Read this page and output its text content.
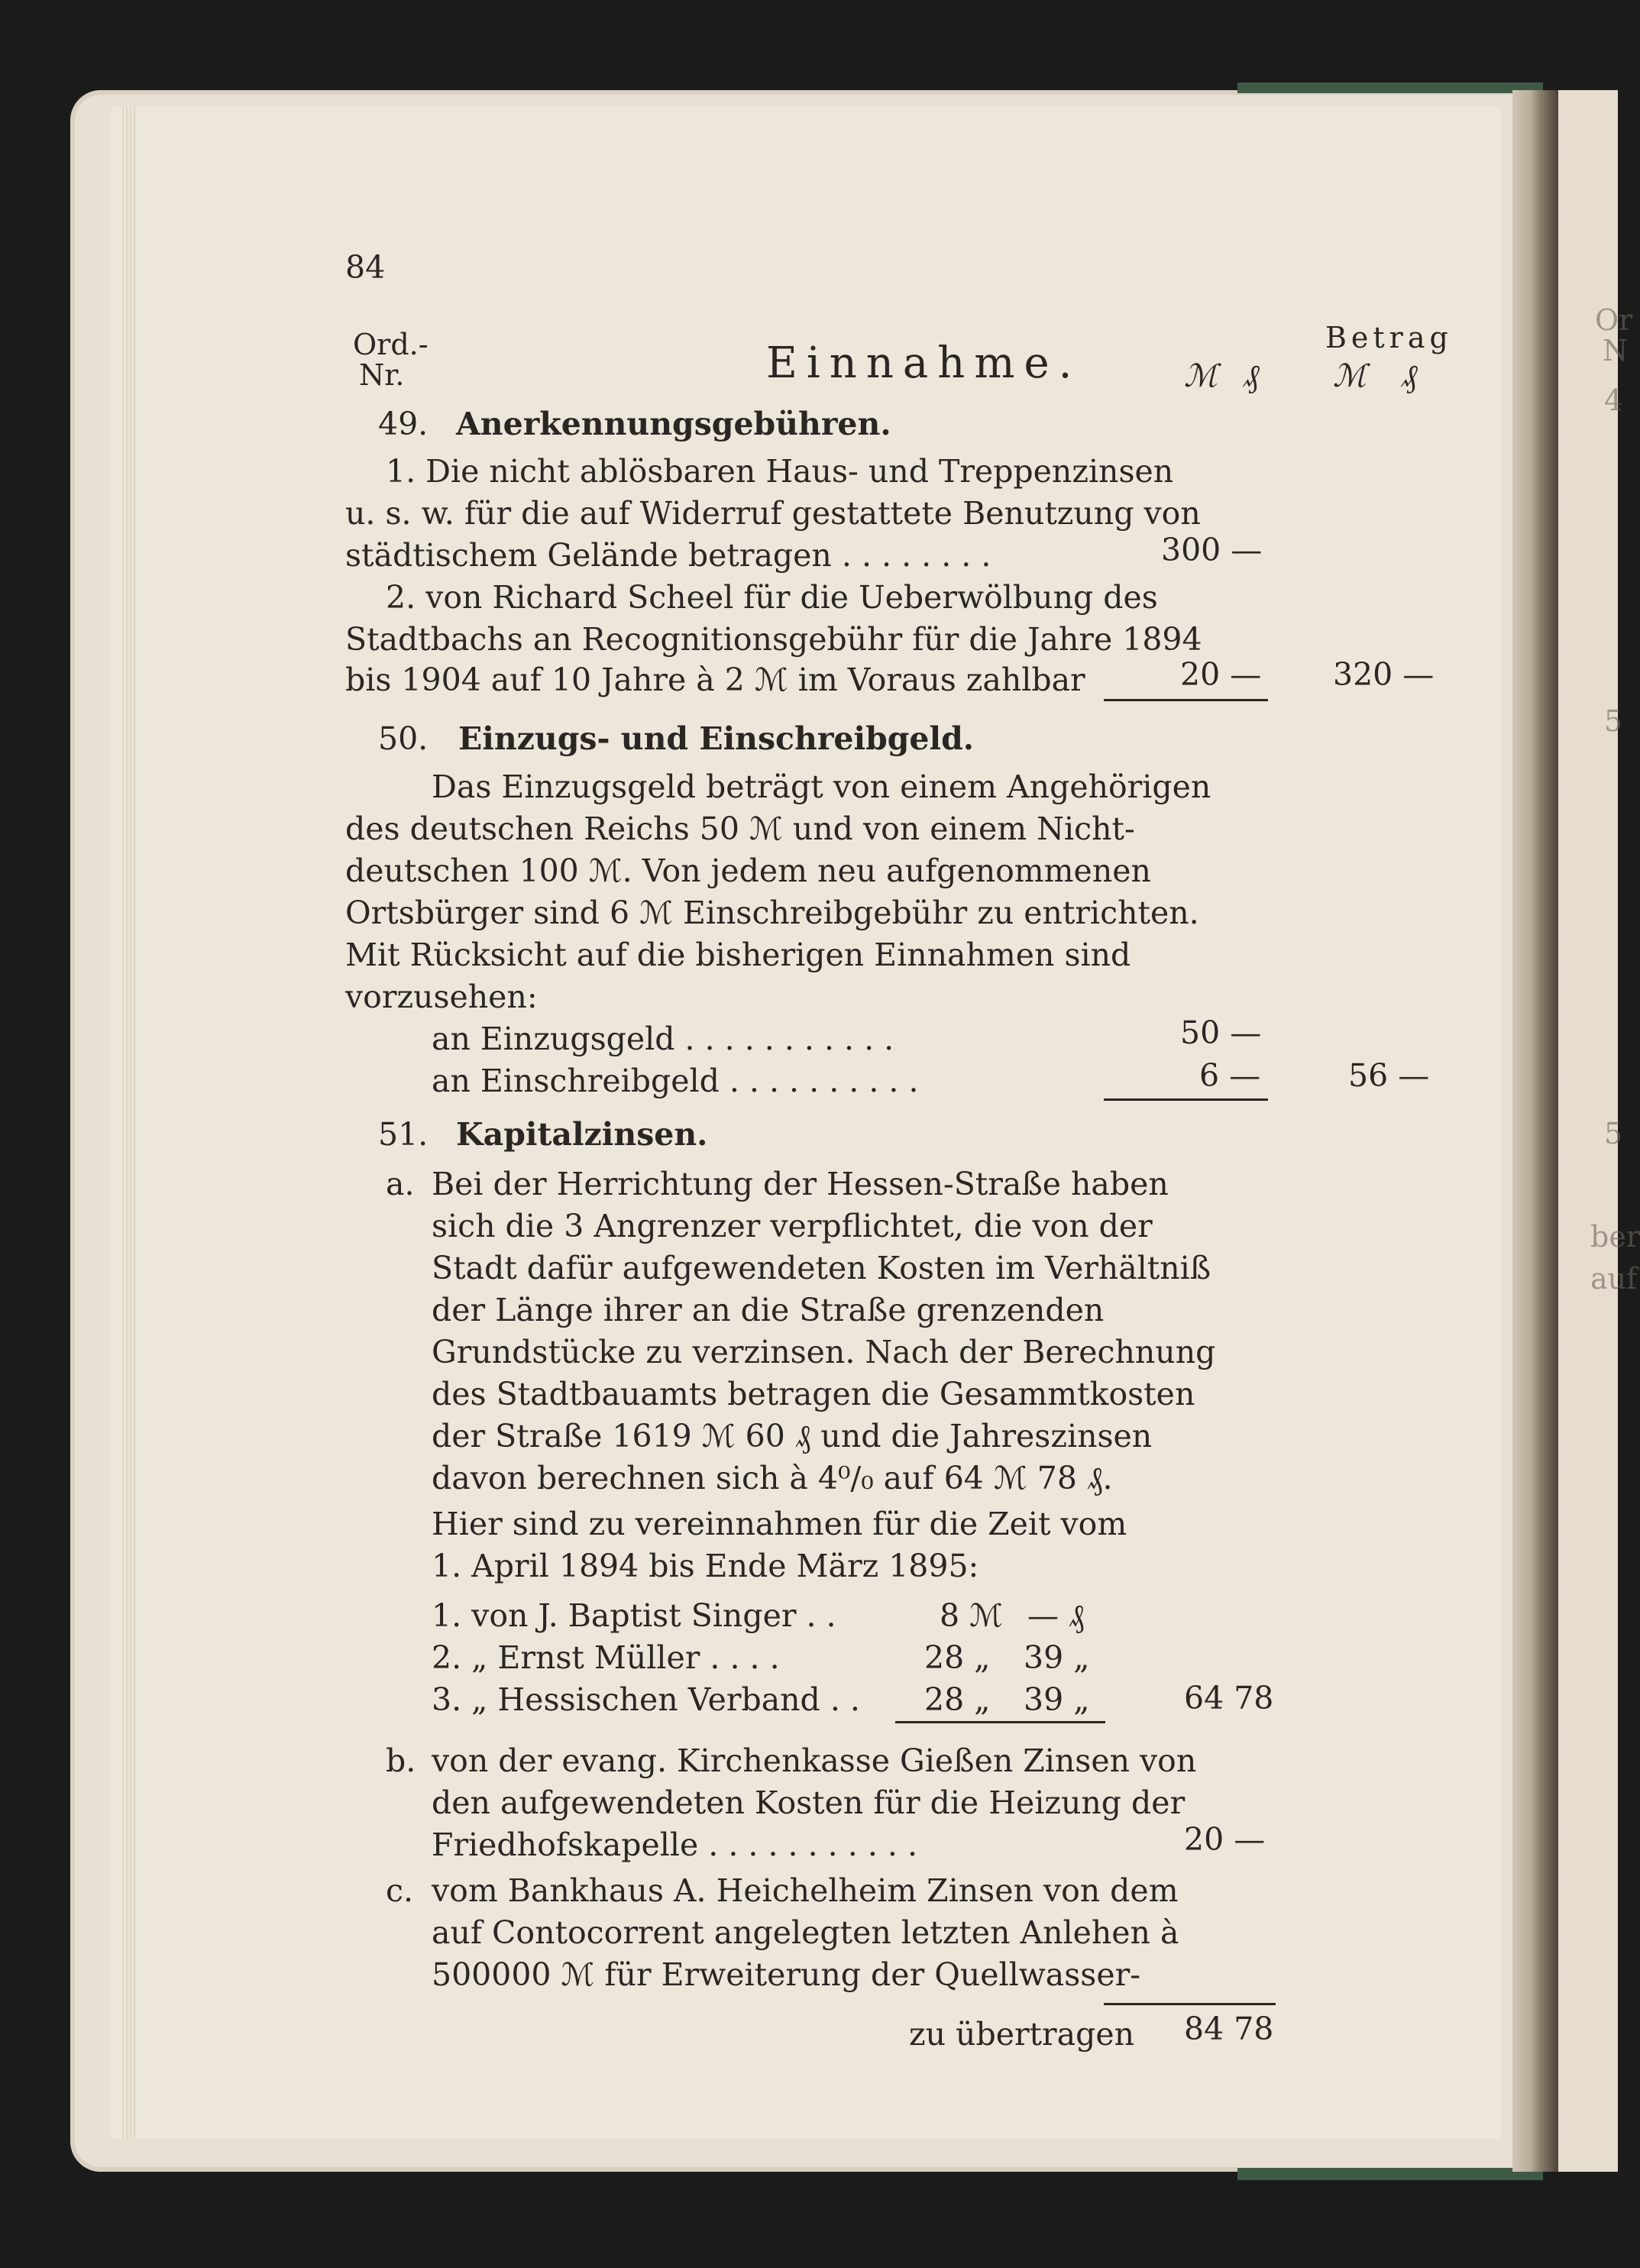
Or
N
4
5
5
ber
auf
84
Ord.-
Nr.	Einnahme.
Betrag
ℳ ₰ ℳ ₰
49. Anerkennungsgebühren.
1. Die nicht ablösbaren Haus- und Treppenzinsen
u. s. w. für die auf Widerruf gestattete Benutzung von
städtischem Gelände betragen . . . . . . . .	300 —
2. von Richard Scheel für die Ueberwölbung des
Stadtbachs an Recognitionsgebühr für die Jahre 1894
bis 1904 auf 10 Jahre à 2 ℳ im Voraus zahlbar	20 — 320 —
50. Einzugs- und Einschreibgeld.
Das Einzugsgeld beträgt von einem Angehörigen
des deutschen Reichs 50 ℳ und von einem Nicht-
deutschen 100 ℳ. Von jedem neu aufgenommenen
Ortsbürger sind 6 ℳ Einschreibgebühr zu entrichten.
Mit Rücksicht auf die bisherigen Einnahmen sind
vorzusehen:
an Einzugsgeld . . . . . . . . . . .	50 —
an Einschreibgeld . . . . . . . . . .	6 —	56 —
51. Kapitalzinsen.
a. Bei der Herrichtung der Hessen-Straße haben
sich die 3 Angrenzer verpflichtet, die von der
Stadt dafür aufgewendeten Kosten im Verhältniß
der Länge ihrer an die Straße grenzenden
Grundstücke zu verzinsen. Nach der Berechnung
des Stadtbauamts betragen die Gesammtkosten
der Straße 1619 ℳ 60 ₰ und die Jahreszinsen
davon berechnen sich à 4⁰/₀ auf 64 ℳ 78 ₰.
Hier sind zu vereinnahmen für die Zeit vom
1. April 1894 bis Ende März 1895:
1. von J. Baptist Singer . .	8 ℳ — ₰
2. „ Ernst Müller . . . .	28 „ 39 „
3. „ Hessischen Verband . . 28 „ 39 „	64 78
b. von der evang. Kirchenkasse Gießen Zinsen von
den aufgewendeten Kosten für die Heizung der
Friedhofskapelle . . . . . . . . . . .	20 —
c. vom Bankhaus A. Heichelheim Zinsen von dem
auf Contocorrent angelegten letzten Anlehen à
500000 ℳ für Erweiterung der Quellwasser-
zu übertragen 84 78
